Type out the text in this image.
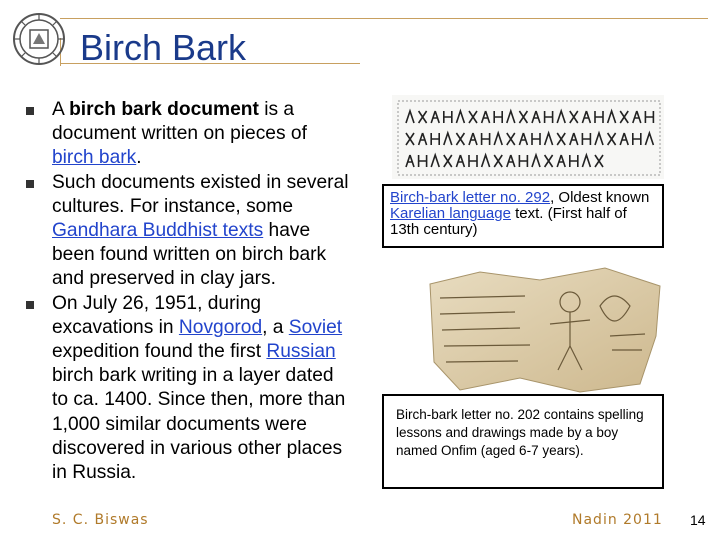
Birch Bark
A birch bark document is a document written on pieces of birch bark.
Such documents existed in several cultures. For instance, some Gandhara Buddhist texts have been found written on birch bark and preserved in clay jars.
On July 26, 1951, during excavations in Novgorod, a Soviet expedition found the first Russian birch bark writing in a layer dated to ca. 1400. Since then, more than 1,000 similar documents were discovered in various other places in Russia.
Birch-bark letter no. 292, Oldest known Karelian language text. (First half of 13th century)
Birch-bark letter no. 202 contains spelling lessons and drawings made by a boy named Onfim (aged 6-7 years).
S. C. Biswas	Nadin 2011 14
